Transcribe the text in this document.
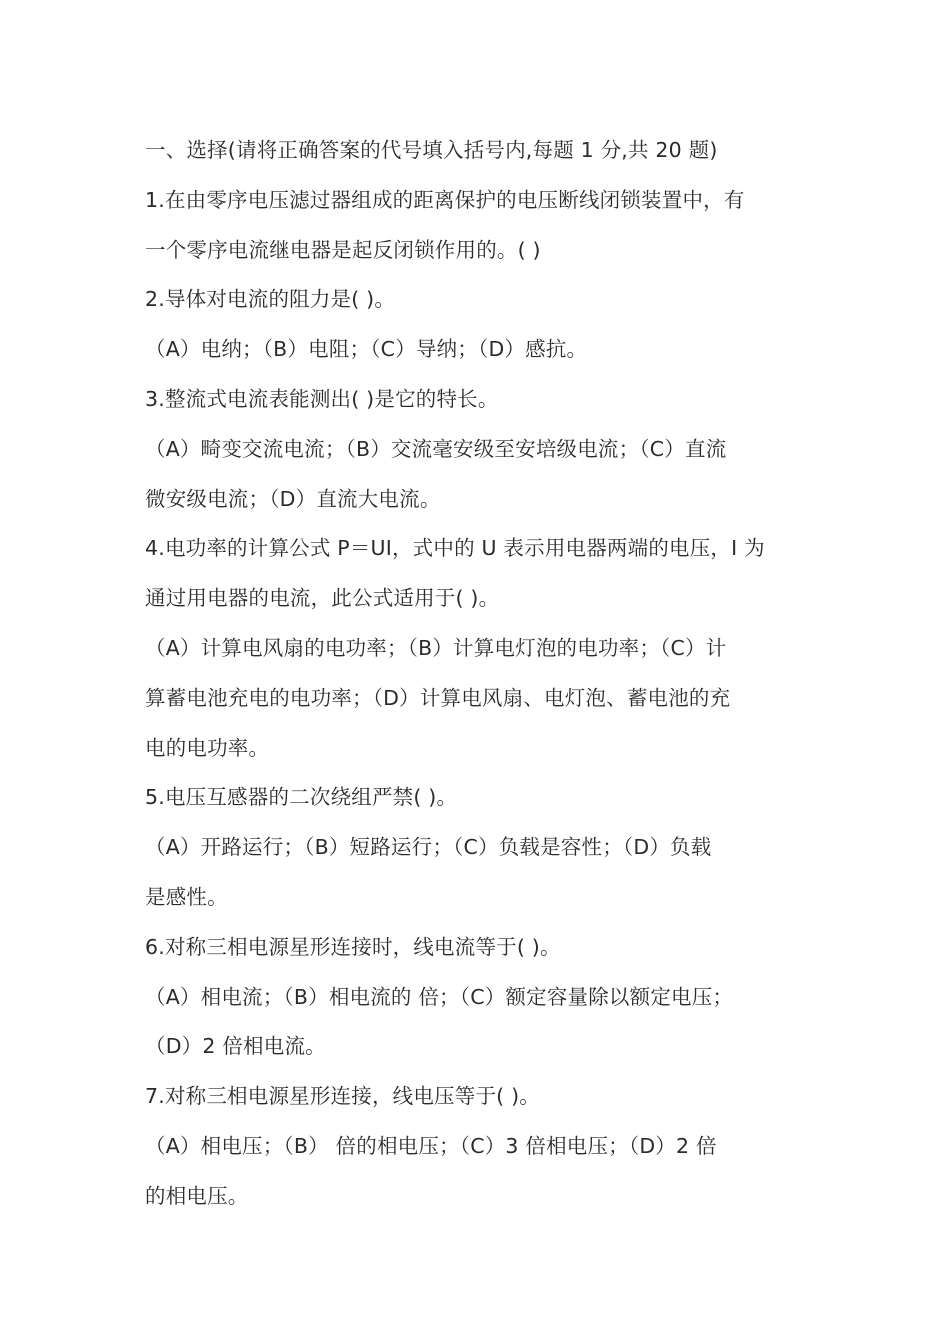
一、选择(请将正确答案的代号填入括号内,每题 1 分,共 20 题)
1.在由零序电压滤过器组成的距离保护的电压断线闭锁装置中，有
一个零序电流继电器是起反闭锁作用的。( )
2.导体对电流的阻力是( )。
（A）电纳；（B）电阻；（C）导纳；（D）感抗。
3.整流式电流表能测出( )是它的特长。
（A）畸变交流电流；（B）交流毫安级至安培级电流；（C）直流
微安级电流；（D）直流大电流。
4.电功率的计算公式 P＝UI，式中的 U 表示用电器两端的电压，I 为
通过用电器的电流，此公式适用于( )。
（A）计算电风扇的电功率；（B）计算电灯泡的电功率；（C）计
算蓄电池充电的电功率；（D）计算电风扇、电灯泡、蓄电池的充
电的电功率。
5.电压互感器的二次绕组严禁( )。
（A）开路运行；（B）短路运行；（C）负载是容性；（D）负载
是感性。
6.对称三相电源星形连接时，线电流等于( )。
（A）相电流；（B）相电流的 倍；（C）额定容量除以额定电压；
（D）2 倍相电流。
7.对称三相电源星形连接，线电压等于( )。
（A）相电压；（B） 倍的相电压；（C）3 倍相电压；（D）2 倍
的相电压。
